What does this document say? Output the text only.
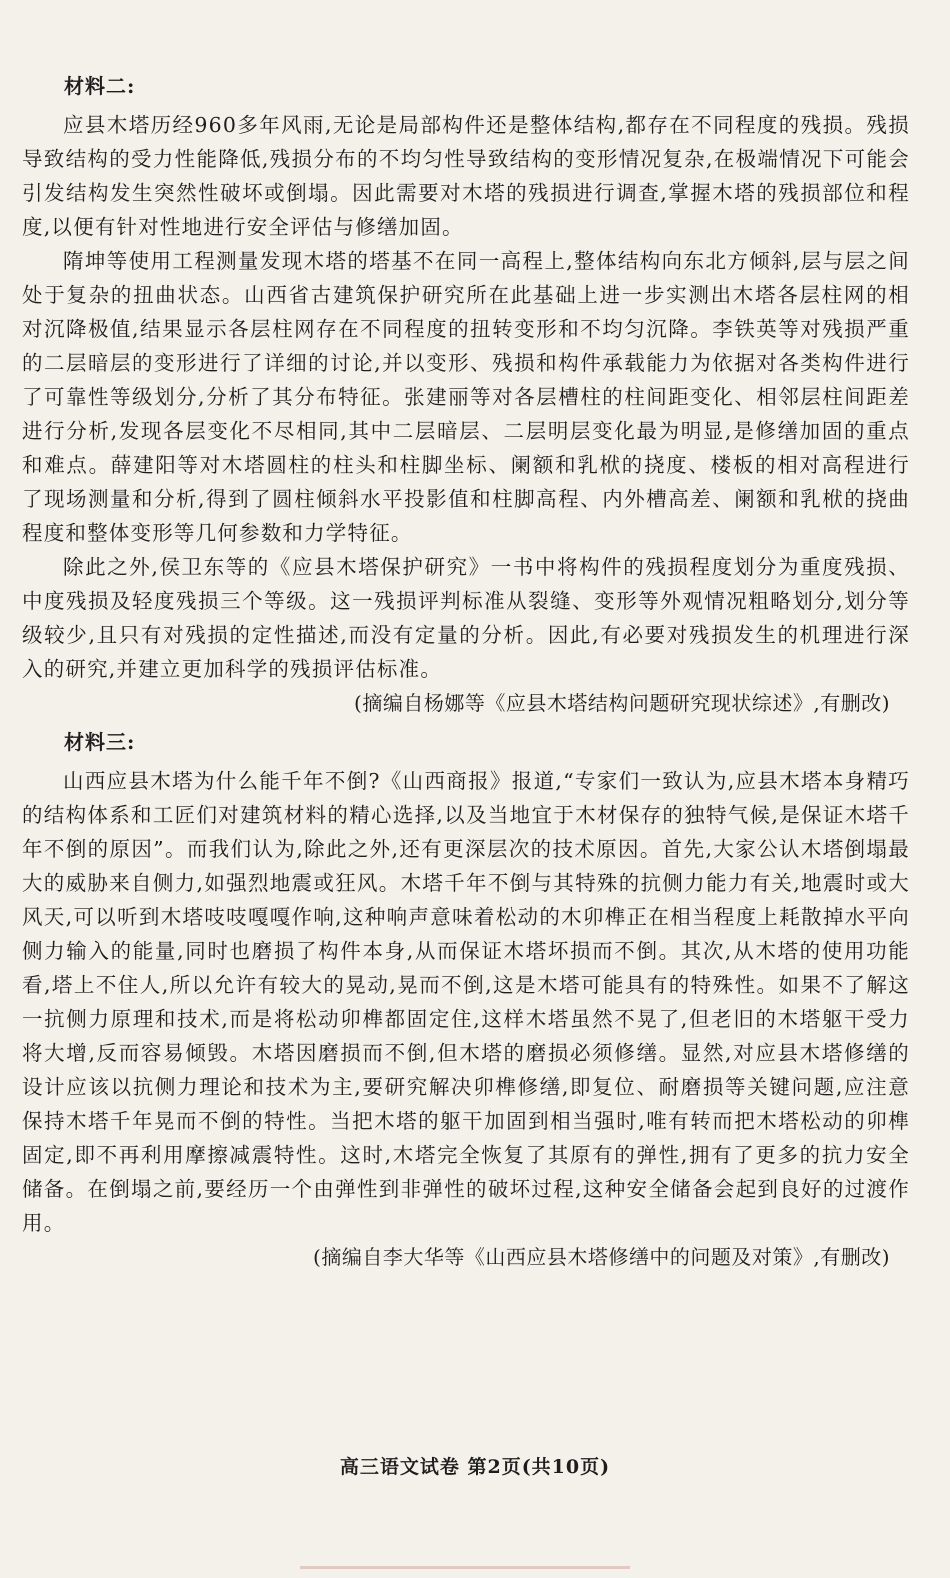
材料二:

应县木塔历经960多年风雨,无论是局部构件还是整体结构,都存在不同程度的残损。残损导致结构的受力性能降低,残损分布的不均匀性导致结构的变形情况复杂,在极端情况下可能会引发结构发生突然性破坏或倒塌。因此需要对木塔的残损进行调查,掌握木塔的残损部位和程度,以便有针对性地进行安全评估与修缮加固。

隋坤等使用工程测量发现木塔的塔基不在同一高程上,整体结构向东北方倾斜,层与层之间处于复杂的扭曲状态。山西省古建筑保护研究所在此基础上进一步实测出木塔各层柱网的相对沉降极值,结果显示各层柱网存在不同程度的扭转变形和不均匀沉降。李铁英等对残损严重的二层暗层的变形进行了详细的讨论,并以变形、残损和构件承载能力为依据对各类构件进行了可靠性等级划分,分析了其分布特征。张建丽等对各层槽柱的柱间距变化、相邻层柱间距差进行分析,发现各层变化不尽相同,其中二层暗层、二层明层变化最为明显,是修缮加固的重点和难点。薛建阳等对木塔圆柱的柱头和柱脚坐标、阑额和乳栿的挠度、楼板的相对高程进行了现场测量和分析,得到了圆柱倾斜水平投影值和柱脚高程、内外槽高差、阑额和乳栿的挠曲程度和整体变形等几何参数和力学特征。

除此之外,侯卫东等的《应县木塔保护研究》一书中将构件的残损程度划分为重度残损、中度残损及轻度残损三个等级。这一残损评判标准从裂缝、变形等外观情况粗略划分,划分等级较少,且只有对残损的定性描述,而没有定量的分析。因此,有必要对残损发生的机理进行深入的研究,并建立更加科学的残损评估标准。

(摘编自杨娜等《应县木塔结构问题研究现状综述》,有删改)
材料三:

山西应县木塔为什么能千年不倒?《山西商报》报道,“专家们一致认为,应县木塔本身精巧的结构体系和工匠们对建筑材料的精心选择,以及当地宜于木材保存的独特气候,是保证木塔千年不倒的原因”。而我们认为,除此之外,还有更深层次的技术原因。首先,大家公认木塔倒塌最大的威胁来自侧力,如强烈地震或狂风。木塔千年不倒与其特殊的抗侧力能力有关,地震时或大风天,可以听到木塔吱吱嘎嘎作响,这种响声意味着松动的木卯榫正在相当程度上耗散掉水平向侧力输入的能量,同时也磨损了构件本身,从而保证木塔坏损而不倒。其次,从木塔的使用功能看,塔上不住人,所以允许有较大的晃动,晃而不倒,这是木塔可能具有的特殊性。如果不了解这一抗侧力原理和技术,而是将松动卯榫都固定住,这样木塔虽然不晃了,但老旧的木塔躯干受力将大增,反而容易倾毁。木塔因磨损而不倒,但木塔的磨损必须修缮。显然,对应县木塔修缮的设计应该以抗侧力理论和技术为主,要研究解决卯榫修缮,即复位、耐磨损等关键问题,应注意保持木塔千年晃而不倒的特性。当把木塔的躯干加固到相当强时,唯有转而把木塔松动的卯榫固定,即不再利用摩擦减震特性。这时,木塔完全恢复了其原有的弹性,拥有了更多的抗力安全储备。在倒塌之前,要经历一个由弹性到非弹性的破坏过程,这种安全储备会起到良好的过渡作用。

(摘编自李大华等《山西应县木塔修缮中的问题及对策》,有删改)
高三语文试卷 第2页(共10页)
